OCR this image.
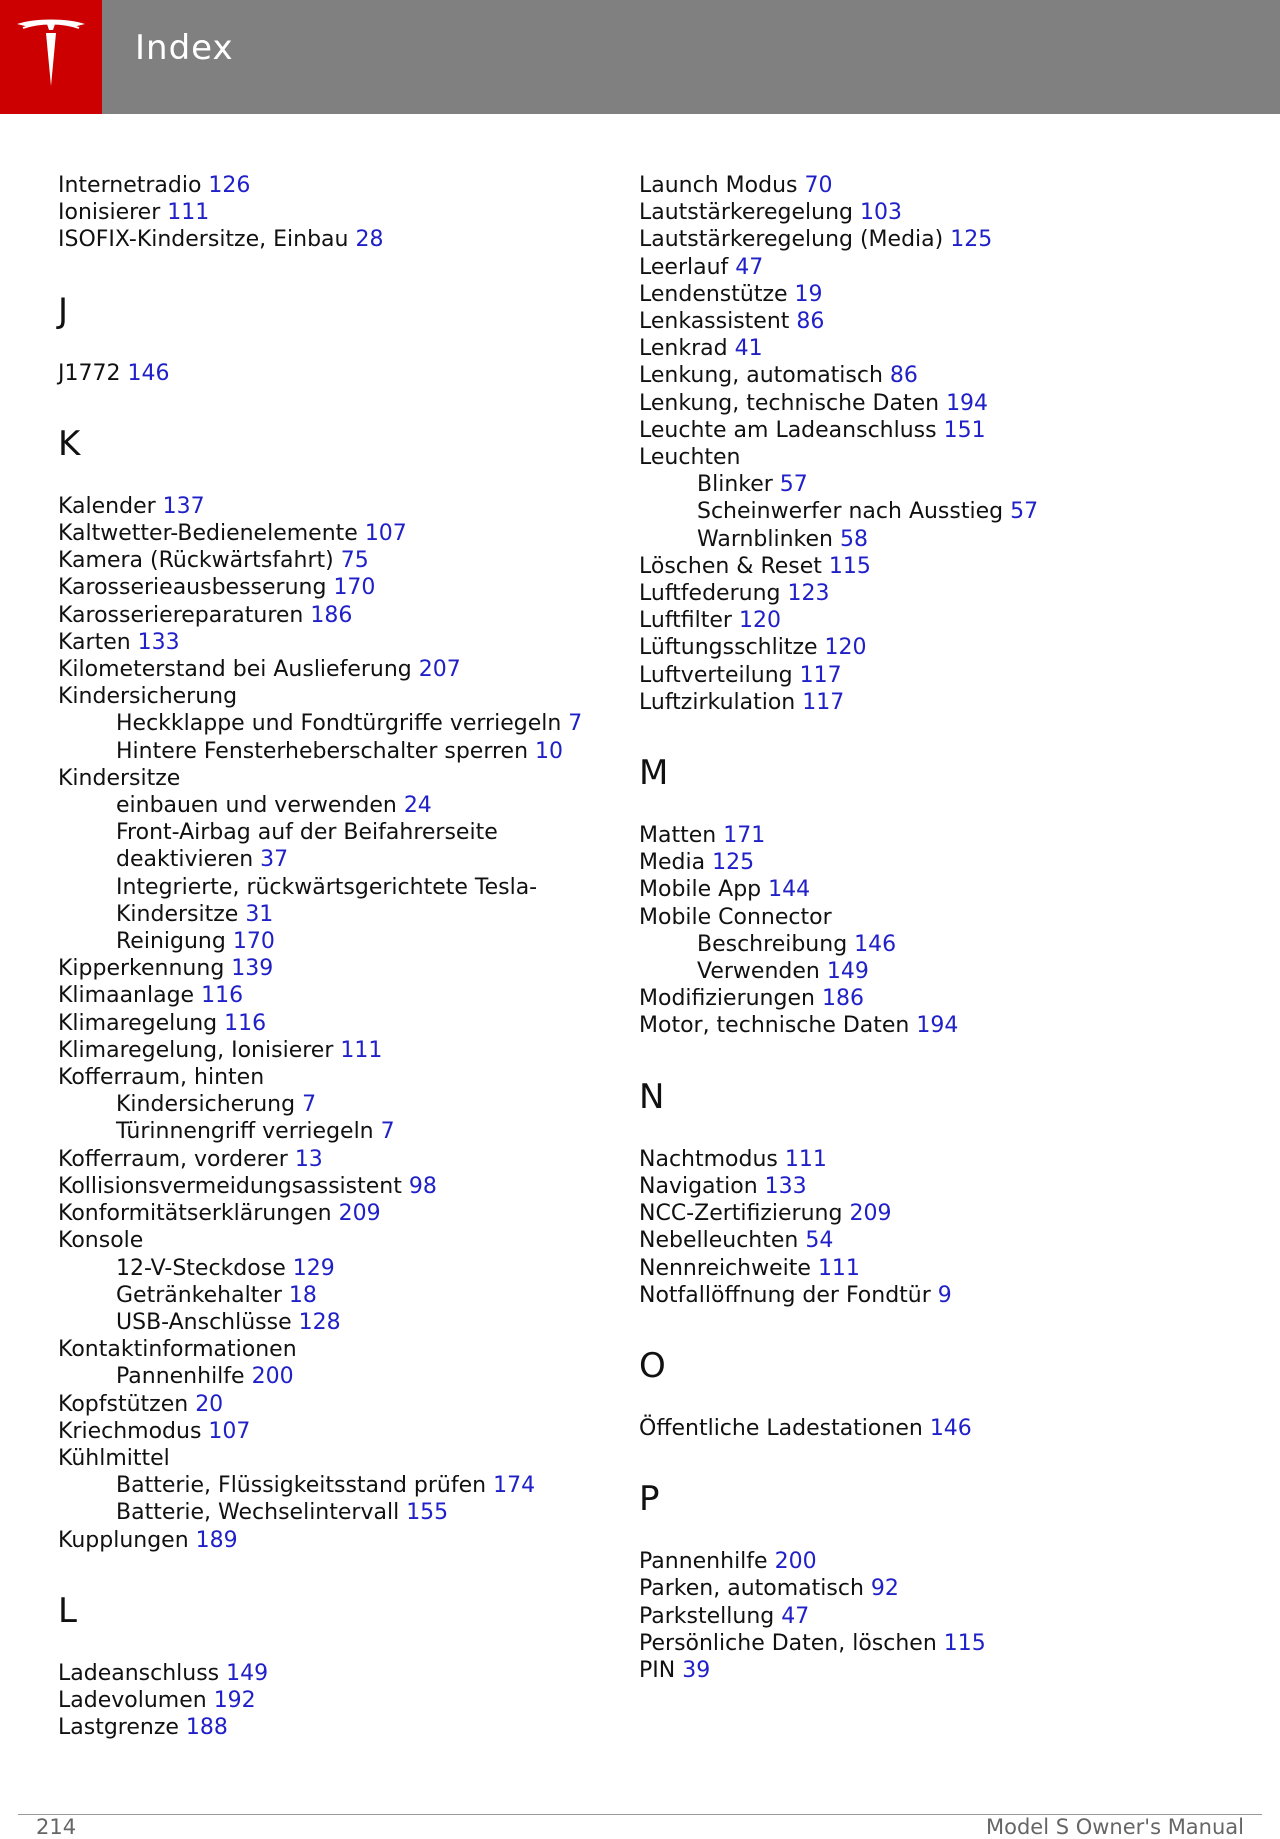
Index
Internetradio 126
Ionisierer 111
ISOFIX-Kindersitze, Einbau 28
J
J1772 146
K
Kalender 137
Kaltwetter-Bedienelemente 107
Kamera (Rückwärtsfahrt) 75
Karosserieausbesserung 170
Karosseriereparaturen 186
Karten 133
Kilometerstand bei Auslieferung 207
Kindersicherung
Heckklappe und Fondtürgriffe verriegeln 7
Hintere Fensterheberschalter sperren 10
Kindersitze
einbauen und verwenden 24
Front-Airbag auf der Beifahrerseite deaktivieren 37
Integrierte, rückwärtsgerichtete Tesla-Kindersitze 31
Reinigung 170
Kipperkennung 139
Klimaanlage 116
Klimaregelung 116
Klimaregelung, Ionisierer 111
Kofferraum, hinten
Kindersicherung 7
Türinnengriff verriegeln 7
Kofferraum, vorderer 13
Kollisionsvermeidungsassistent 98
Konformitätserklärungen 209
Konsole
12-V-Steckdose 129
Getränkehalter 18
USB-Anschlüsse 128
Kontaktinformationen
Pannenhilfe 200
Kopfstützen 20
Kriechmodus 107
Kühlmittel
Batterie, Flüssigkeitsstand prüfen 174
Batterie, Wechselintervall 155
Kupplungen 189
L
Ladeanschluss 149
Ladevolumen 192
Lastgrenze 188
Launch Modus 70
Lautstärkeregelung 103
Lautstärkeregelung (Media) 125
Leerlauf 47
Lendenstütze 19
Lenkassistent 86
Lenkrad 41
Lenkung, automatisch 86
Lenkung, technische Daten 194
Leuchte am Ladeanschluss 151
Leuchten
Blinker 57
Scheinwerfer nach Ausstieg 57
Warnblinken 58
Löschen & Reset 115
Luftfederung 123
Luftfilter 120
Lüftungsschlitze 120
Luftverteilung 117
Luftzirkulation 117
M
Matten 171
Media 125
Mobile App 144
Mobile Connector
Beschreibung 146
Verwenden 149
Modifizierungen 186
Motor, technische Daten 194
N
Nachtmodus 111
Navigation 133
NCC-Zertifizierung 209
Nebelleuchten 54
Nennreichweite 111
Notfallöffnung der Fondtür 9
O
Öffentliche Ladestationen 146
P
Pannenhilfe 200
Parken, automatisch 92
Parkstellung 47
Persönliche Daten, löschen 115
PIN 39
214	Model S Owner's Manual
